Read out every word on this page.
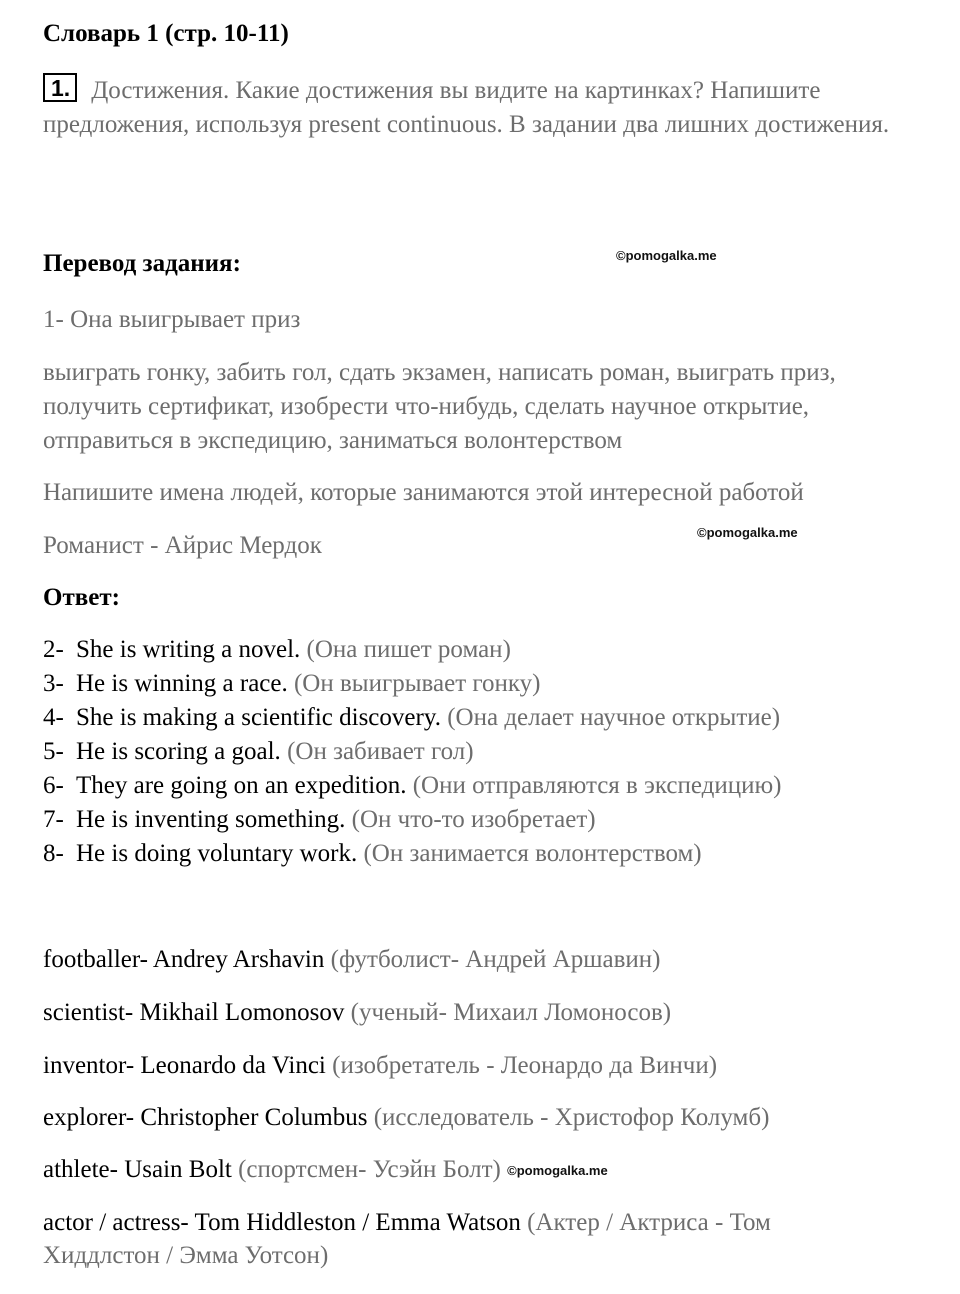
Словарь 1 (стр. 10-11)
1. Достижения. Какие достижения вы видите на картинках? Напишите предложения, используя present continuous. В задании два лишних достижения.
©pomogalka.me
©pomogalka.me
Перевод задания:
1- Она выигрывает приз
выиграть гонку, забить гол, сдать экзамен, написать роман, выиграть приз, получить сертификат, изобрести что-нибудь, сделать научное открытие, отправиться в экспедицию, заниматься волонтерством
Напишите имена людей, которые занимаются этой интересной работой
Романист - Айрис Мердок
Ответ:
2- She is writing a novel. (Она пишет роман)
3- He is winning a race. (Он выигрывает гонку)
4- She is making a scientific discovery. (Она делает научное открытие)
5- He is scoring a goal. (Он забивает гол)
6- They are going on an expedition. (Они отправляются в экспедицию)
7- He is inventing something. (Он что-то изобретает)
8- He is doing voluntary work. (Он занимается волонтерством)
footballer- Andrey Arshavin (футболист- Андрей Аршавин)
scientist- Mikhail Lomonosov (ученый- Михаил Ломоносов)
inventor- Leonardo da Vinci (изобретатель - Леонардо да Винчи)
explorer- Christopher Columbus (исследователь - Христофор Колумб)
athlete- Usain Bolt (спортсмен- Усэйн Болт) ©pomogalka.me
actor / actress- Tom Hiddleston / Emma Watson (Актер / Актриса - Том Хиддлстон / Эмма Уотсон)
